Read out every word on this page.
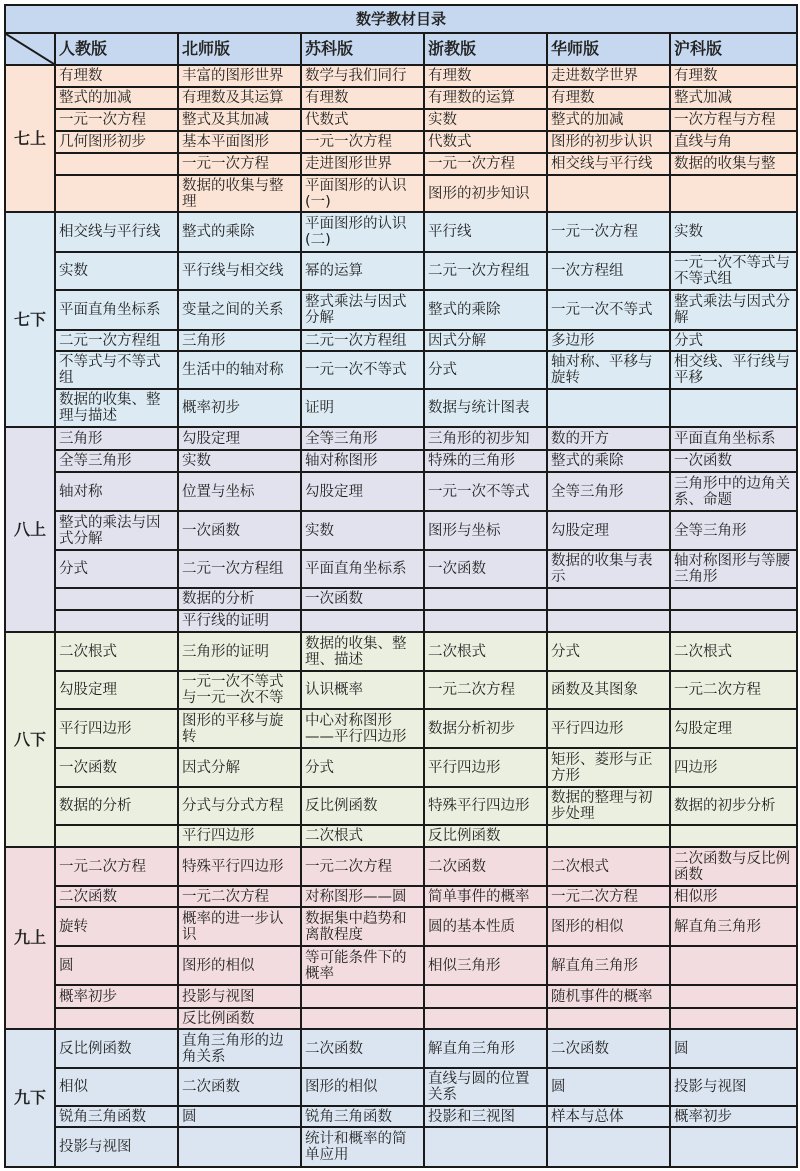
数学教材目录						

	人教版	北师版	苏科版	浙教版	华师版	沪科版
七上	有理数	丰富的图形世界	数学与我们同行	有理数	走进数学世界	有理数
	整式的加减	有理数及其运算	有理数	有理数的运算	有理数	整式加减
	一元一次方程	整式及其加减	代数式	实数	整式的加减	一次方程与方程
	几何图形初步	基本平面图形	一元一次方程	代数式	图形的初步认识	直线与角
		一元一次方程	走进图形世界	一元一次方程	相交线与平行线	数据的收集与整
		数据的收集与整理	平面图形的认识(一)	图形的初步知识		
七下	相交线与平行线	整式的乘除	平面图形的认识(二)	平行线	一元一次方程	实数
	实数	平行线与相交线	幂的运算	二元一次方程组	一次方程组	一元一次不等式与不等式组
	平面直角坐标系	变量之间的关系	整式乘法与因式分解	整式的乘除	一元一次不等式	整式乘法与因式分解
	二元一次方程组	三角形	二元一次方程组	因式分解	多边形	分式
	不等式与不等式组	生活中的轴对称	一元一次不等式	分式	轴对称、平移与旋转	相交线、平行线与平移
	数据的收集、整理与描述	概率初步	证明	数据与统计图表		
八上	三角形	勾股定理	全等三角形	三角形的初步知	数的开方	平面直角坐标系
	全等三角形	实数	轴对称图形	特殊的三角形	整式的乘除	一次函数
	轴对称	位置与坐标	勾股定理	一元一次不等式	全等三角形	三角形中的边角关系、命题
	整式的乘法与因式分解	一次函数	实数	图形与坐标	勾股定理	全等三角形
	分式	二元一次方程组	平面直角坐标系	一次函数	数据的收集与表示	轴对称图形与等腰三角形
		数据的分析	一次函数			
		平行线的证明				
八下	二次根式	三角形的证明	数据的收集、整理、描述	二次根式	分式	二次根式
	勾股定理	一元一次不等式与一元一次不等	认识概率	一元二次方程	函数及其图象	一元二次方程
	平行四边形	图形的平移与旋转	中心对称图形——平行四边形	数据分析初步	平行四边形	勾股定理
	一次函数	因式分解	分式	平行四边形	矩形、菱形与正方形	四边形
	数据的分析	分式与分式方程	反比例函数	特殊平行四边形	数据的整理与初步处理	数据的初步分析
		平行四边形	二次根式	反比例函数		
九上	一元二次方程	特殊平行四边形	一元二次方程	二次函数	二次根式	二次函数与反比例函数
	二次函数	一元二次方程	对称图形——圆	简单事件的概率	一元二次方程	相似形
	旋转	概率的进一步认识	数据集中趋势和离散程度	圆的基本性质	图形的相似	解直角三角形
	圆	图形的相似	等可能条件下的概率	相似三角形	解直角三角形	
	概率初步	投影与视图			随机事件的概率	
		反比例函数				
九下	反比例函数	直角三角形的边角关系	二次函数	解直角三角形	二次函数	圆
	相似	二次函数	图形的相似	直线与圆的位置关系	圆	投影与视图
	锐角三角函数	圆	锐角三角函数	投影和三视图	样本与总体	概率初步
	投影与视图		统计和概率的简单应用			
